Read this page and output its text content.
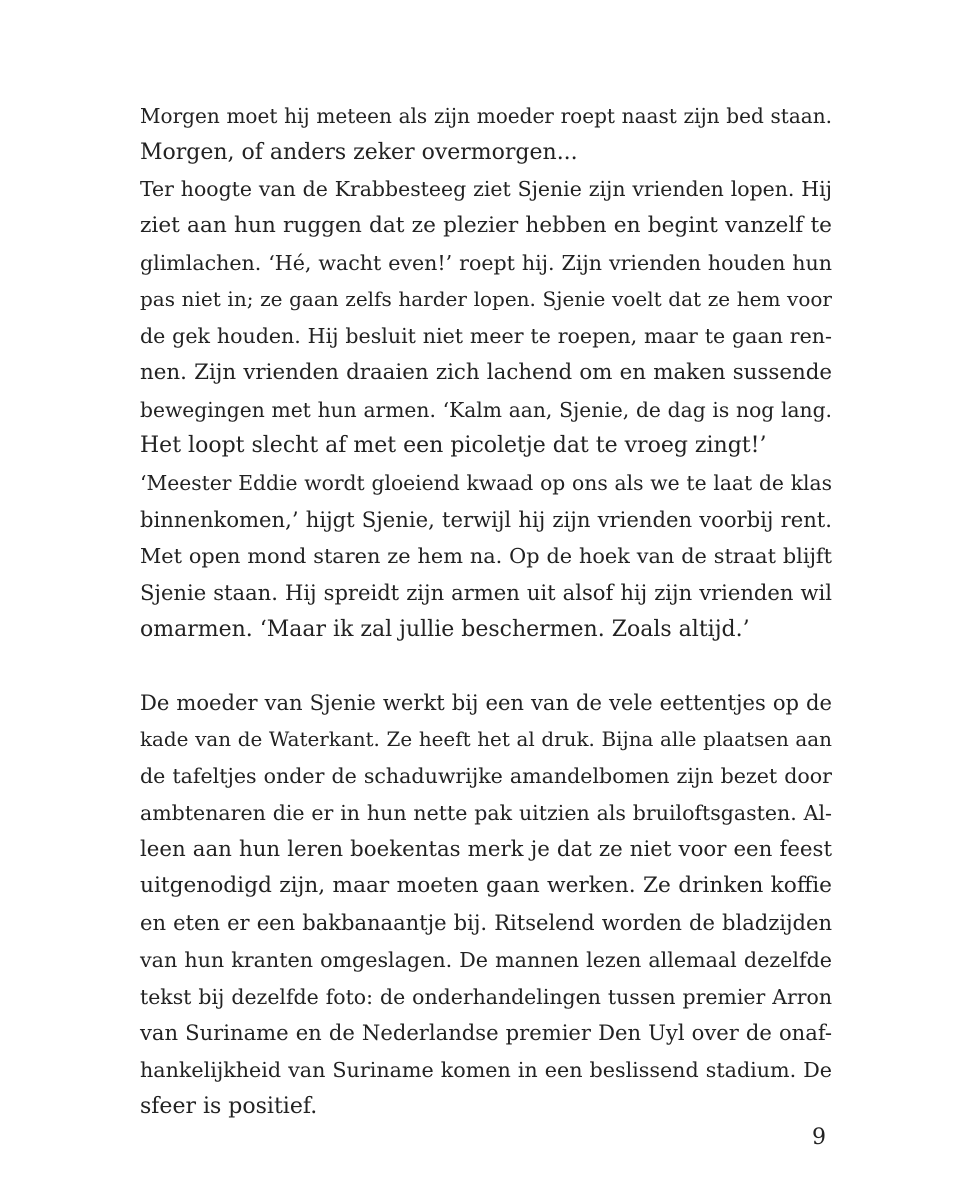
Morgen moet hij meteen als zijn moeder roept naast zijn bed staan.
Morgen, of anders zeker overmorgen...
Ter hoogte van de Krabbesteeg ziet Sjenie zijn vrienden lopen. Hij
ziet aan hun ruggen dat ze plezier hebben en begint vanzelf te
glimlachen. ‘Hé, wacht even!’ roept hij. Zijn vrienden houden hun
pas niet in; ze gaan zelfs harder lopen. Sjenie voelt dat ze hem voor
de gek houden. Hij besluit niet meer te roepen, maar te gaan ren-
nen. Zijn vrienden draaien zich lachend om en maken sussende
bewegingen met hun armen. ‘Kalm aan, Sjenie, de dag is nog lang.
Het loopt slecht af met een picoletje dat te vroeg zingt!’
‘Meester Eddie wordt gloeiend kwaad op ons als we te laat de klas
binnenkomen,’ hijgt Sjenie, terwijl hij zijn vrienden voorbij rent.
Met open mond staren ze hem na. Op de hoek van de straat blijft
Sjenie staan. Hij spreidt zijn armen uit alsof hij zijn vrienden wil
omarmen. ‘Maar ik zal jullie beschermen. Zoals altijd.’
De moeder van Sjenie werkt bij een van de vele eettentjes op de
kade van de Waterkant. Ze heeft het al druk. Bijna alle plaatsen aan
de tafeltjes onder de schaduwrijke amandelbomen zijn bezet door
ambtenaren die er in hun nette pak uitzien als bruiloftsgasten. Al-
leen aan hun leren boekentas merk je dat ze niet voor een feest
uitgenodigd zijn, maar moeten gaan werken. Ze drinken koffie
en eten er een bakbanaantje bij. Ritselend worden de bladzijden
van hun kranten omgeslagen. De mannen lezen allemaal dezelfde
tekst bij dezelfde foto: de onderhandelingen tussen premier Arron
van Suriname en de Nederlandse premier Den Uyl over de onaf-
hankelijkheid van Suriname komen in een beslissend stadium. De
sfeer is positief.
9
